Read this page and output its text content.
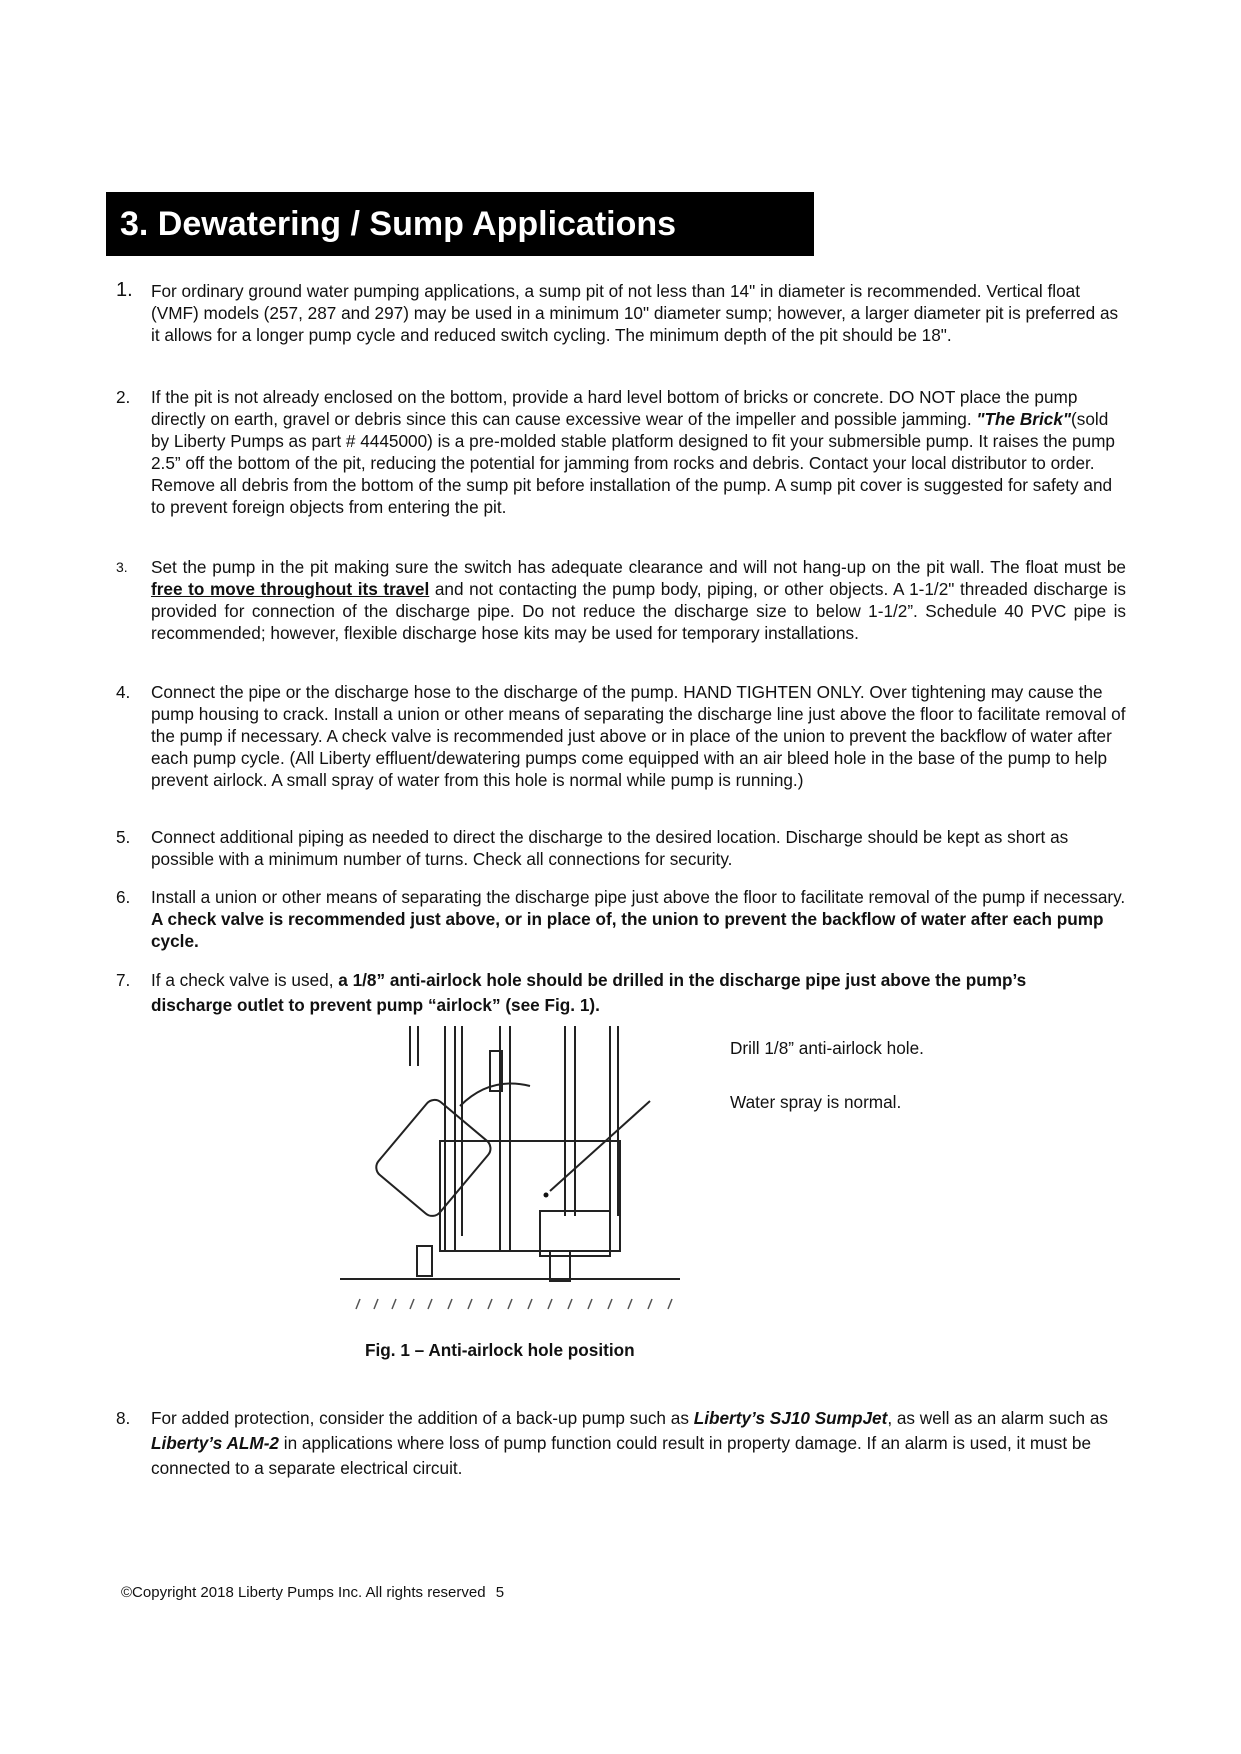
3. Dewatering / Sump Applications
1.	For ordinary ground water pumping applications, a sump pit of not less than 14" in diameter is recommended. Vertical float (VMF) models (257, 287 and 297) may be used in a minimum 10" diameter sump; however, a larger diameter pit is preferred as it allows for a longer pump cycle and reduced switch cycling. The minimum depth of the pit should be 18".
2.	If the pit is not already enclosed on the bottom, provide a hard level bottom of bricks or concrete. DO NOT place the pump directly on earth, gravel or debris since this can cause excessive wear of the impeller and possible jamming. "The Brick"(sold by Liberty Pumps as part # 4445000) is a pre-molded stable platform designed to fit your submersible pump. It raises the pump 2.5” off the bottom of the pit, reducing the potential for jamming from rocks and debris. Contact your local distributor to order. Remove all debris from the bottom of the sump pit before installation of the pump. A sump pit cover is suggested for safety and to prevent foreign objects from entering the pit.
3.	Set the pump in the pit making sure the switch has adequate clearance and will not hang-up on the pit wall. The float must be free to move throughout its travel and not contacting the pump body, piping, or other objects. A 1-1/2" threaded discharge is provided for connection of the discharge pipe. Do not reduce the discharge size to below 1-1/2”. Schedule 40 PVC pipe is recommended; however, flexible discharge hose kits may be used for temporary installations.
4.	Connect the pipe or the discharge hose to the discharge of the pump. HAND TIGHTEN ONLY. Over tightening may cause the pump housing to crack. Install a union or other means of separating the discharge line just above the floor to facilitate removal of the pump if necessary. A check valve is recommended just above or in place of the union to prevent the backflow of water after each pump cycle. (All Liberty effluent/dewatering pumps come equipped with an air bleed hole in the base of the pump to help prevent airlock. A small spray of water from this hole is normal while pump is running.)
5.	Connect additional piping as needed to direct the discharge to the desired location. Discharge should be kept as short as possible with a minimum number of turns. Check all connections for security.
6.	Install a union or other means of separating the discharge pipe just above the floor to facilitate removal of the pump if necessary. A check valve is recommended just above, or in place of, the union to prevent the backflow of water after each pump cycle.
7.	If a check valve is used, a 1/8” anti-airlock hole should be drilled in the discharge pipe just above the pump’s discharge outlet to prevent pump “airlock” (see Fig. 1).
Drill 1/8” anti-airlock hole.
Water spray is normal.
Fig. 1 – Anti-airlock hole position
8.	For added protection, consider the addition of a back-up pump such as Liberty’s SJ10 SumpJet, as well as an alarm such as Liberty’s ALM-2 in applications where loss of pump function could result in property damage. If an alarm is used, it must be connected to a separate electrical circuit.
©Copyright 2018 Liberty Pumps Inc. All rights reserved 5
